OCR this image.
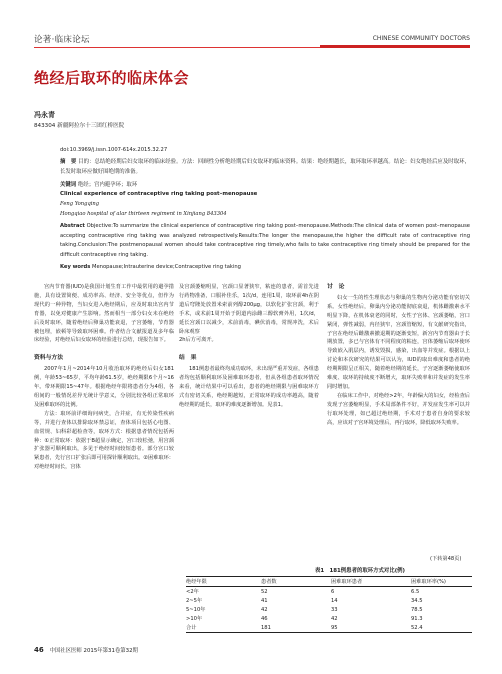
论著·临床论坛	CHINESE COMMUNITY DOCTORS
绝经后取环的临床体会
冯永青
843304 新疆阿拉尔十三团红桥医院
doi:10.3969/j.issn.1007-614x.2015.32.27
摘　要 目的：总结绝经期后妇女取环的临床经验。方法：回顾性分析绝经期后妇女取环的临床资料。结果：绝经期越长，取环取环率越高。结论：妇女绝经后应及时取环，长发时取环应做好围绝期的准备。
关键词 绝经；宫内避孕环；取环
Clinical experience of contraceptive ring taking post–menopause
Feng Yongqing
Hongqiao hospital of alar thirteen regiment in Xinjiang 843304
Abstract Objective:To summarize the clinical experience of contraceptive ring taking post–menopause.Methods:The clinical data of women post–menopause accepting contraceptive ring taking was analyzed retrospectively.Results:The longer the menopause,the higher the difficult rate of contraceptive ring taking.Conclusion:The postmenopausal women should take contraceptive ring timely,who fails to take contraceptive ring timely should be prepared for the difficult contraceptive ring taking.
Key words Menopause;Intrauterine device;Contraceptive ring taking

宫内节育器(IUD)是我国计划生育工作中最常用的避孕措施，具有设置简便、成功率高、经济、安全等优点，但作为现代的一种异物，当妇女进入绝经期后，应及时取出宫内节育器，以免对健康产生影响。然而相当一部分妇女未在绝经后及时取环，随着绝经后卵巢功能衰退，子宫萎缩，节育器被包埋，嵌顿等导致取环困难。作者结合文献报道及多年临床经验，对绝经后妇女取环的经验进行总结，现报告如下。

资料与方法

2007年1月~2014年10月收治取环的绝经后妇女181例，年龄53~65岁，平均年龄61.5岁，绝经期限6个月~16年。带环期限15~47年。根据绝经年限将患者分为4组，各组间的一般情况差异无统计学意义，分别比较各组正常取环及困难取环的比例。

方法：取环前详细询问病史，合并症，有无传染性疾病等，并进行查体以排除取环禁忌证，查体项目包括心电图、血常规、妇科彩超检查等，取环方式：根据患者情况包括两种：①正常取环：依据于B超显示确定，宫口较松弛，用宫颈扩张器可顺利取出，多见于绝经时间较短患者。部分宫口较紧患者，先行宫口扩张后即可用探针顺利取出。②困难取环：对绝经时间长，宫体

及宫颈萎缩明显，宫颈口显著狭窄，粘连的患者，需首先进行药物准备，口服补佳乐，1次/d，连用1周，取环前4h在阴道后穹隆处放置米索前列醇200μg，以软化扩张宫颈，利于手术，或术前1周开始于阴道内涂雌三醇软膏外用，1次/d，延长宫颈口以减少，术前消毒，碘伏消毒，常规冲洗，术后卧床观察

2h后方可离开。

结　果

181例患者最终均成功取环，未出现严重并发症，各组患者均包括顺利取环及困难取环患者，但从各组患者取环情况来看，统计结果中可以看出，患者的绝经期限与困难取环方式有密切关系，绝经期越短，正常取环的成功率越高，随着绝经期的延长，取环的难度逐渐增加。见表1。

讨　论

妇女一生的性生理状态与卵巢的生物内分泌功能有密切关系。女性绝经后，卵巢内分泌功能彻底衰退，机体雌激素水平明显下降，在机体衰老的同时，女性子宫体、宫颈萎缩，宫口紧闭，弹性减弱，内径狭窄，宫颈管缩短，有文献研究指出，子宫在绝经后雌激素撤退期的逐渐变短，新宫内节育器由于长期放置，多已与宫体有不同程度的粘连，宫体萎缩后取环使环导致嵌入肌层内，诱发毁损，感染，出血等并发症。根据以上讨论和本次研究的结果可以认为，IUD的取出难度和患者的绝经期期限呈正相关，随着绝经期的延长，子宫逐渐萎缩使取环难度、取环的持续度不断增大，取环失败率和并发症的发生率同时增加。

在临床工作中，对绝经>2年，年龄偏大的妇女，经检查后发现子宫萎缩明显，手术局部条件不好，并发症发生率可以并行取环处理，如已超过绝经期，手术对于患者自身的要求较高，应该对子宫环境处理后，再行取环，降低取环失败率。

(下转第48页)
表1　181例患者的取环方式对比(例)
绝经年限	患者数	困难取环患者	困难取环率(%)
<2年	52	6	6.5
2~5年	41	14	34.5
5~10年	42	33	78.5
>10年	46	42	91.3
合计	181	95	52.4
46 中国社区医师 2015年第31卷第32期
